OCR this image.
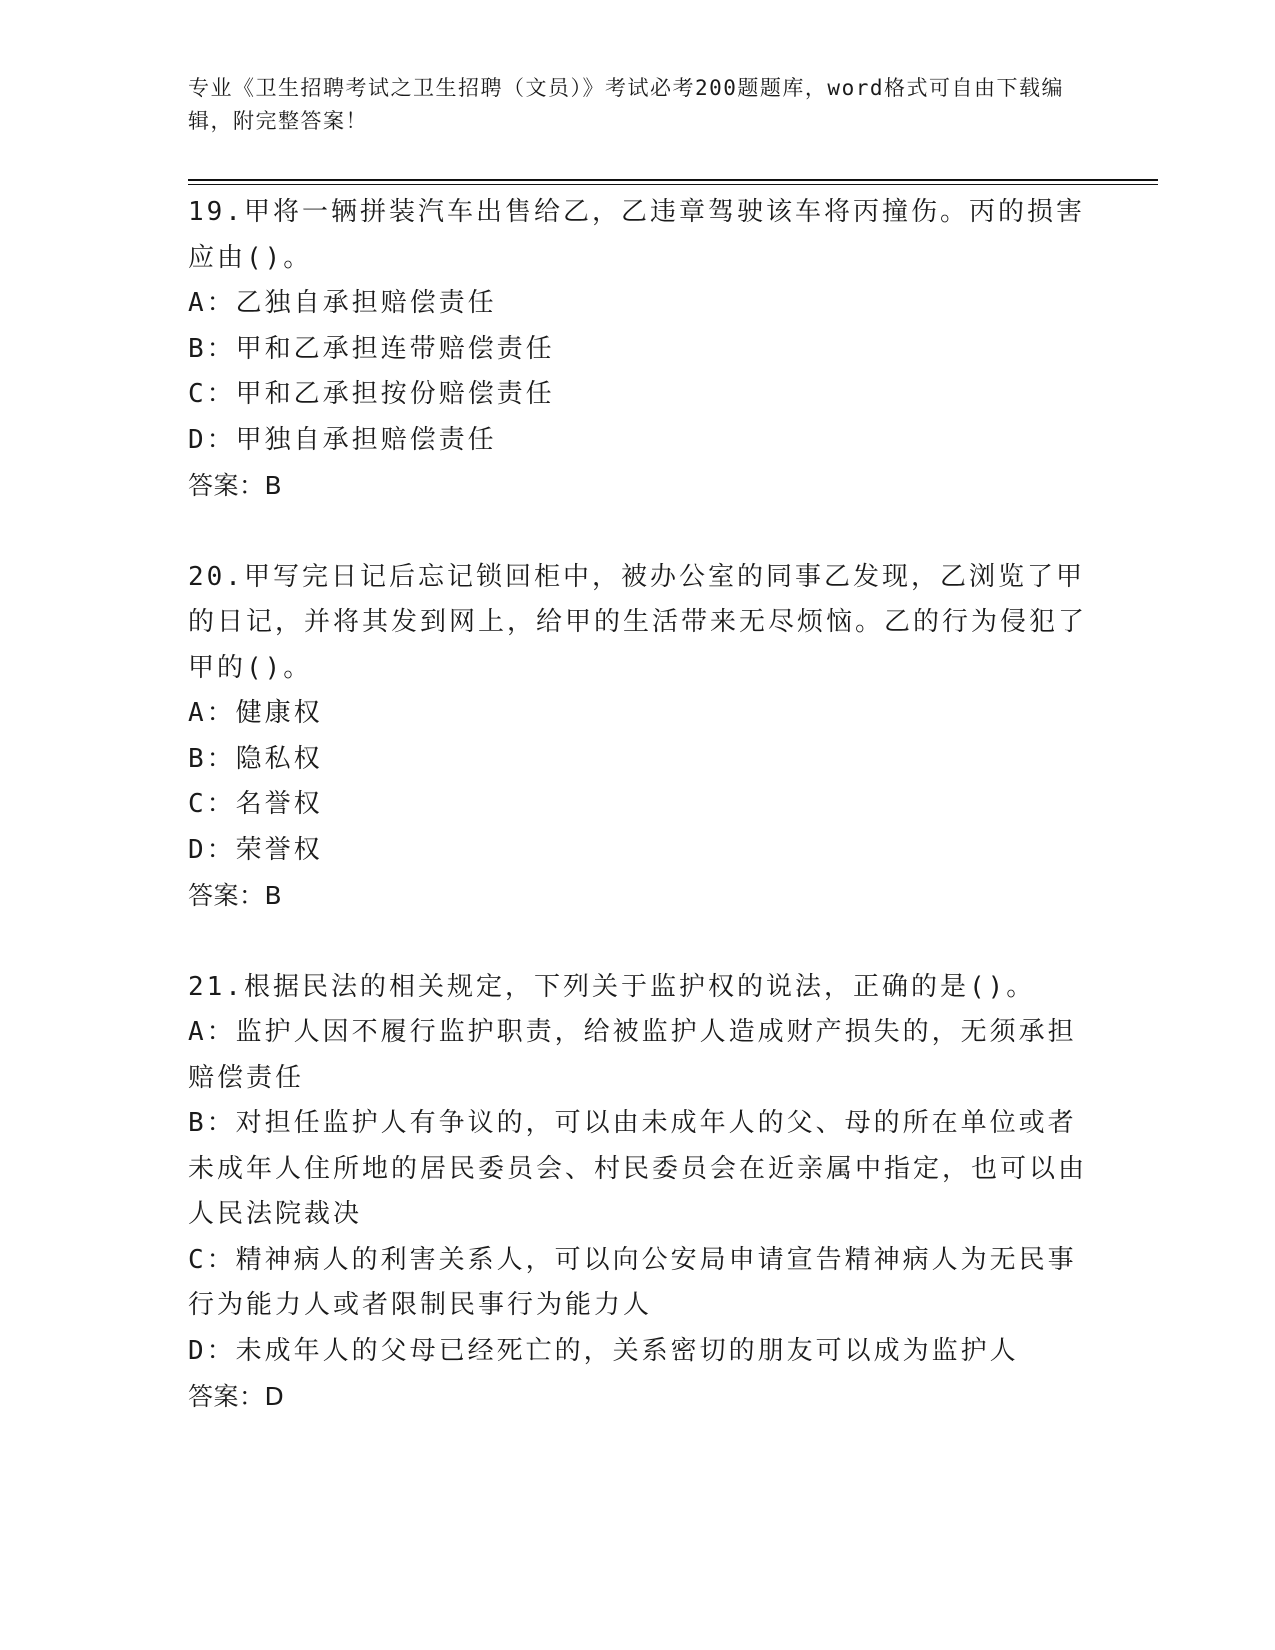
专业《卫生招聘考试之卫生招聘（文员）》考试必考200题题库，word格式可自由下载编辑，附完整答案！

19.甲将一辆拼装汽车出售给乙，乙违章驾驶该车将丙撞伤。丙的损害应由()。

A：乙独自承担赔偿责任

B：甲和乙承担连带赔偿责任

C：甲和乙承担按份赔偿责任

D：甲独自承担赔偿责任

答案：B

20.甲写完日记后忘记锁回柜中，被办公室的同事乙发现，乙浏览了甲的日记，并将其发到网上，给甲的生活带来无尽烦恼。乙的行为侵犯了甲的()。

A：健康权

B：隐私权

C：名誉权

D：荣誉权

答案：B

21.根据民法的相关规定，下列关于监护权的说法，正确的是()。

A：监护人因不履行监护职责，给被监护人造成财产损失的，无须承担赔偿责任

B：对担任监护人有争议的，可以由未成年人的父、母的所在单位或者未成年人住所地的居民委员会、村民委员会在近亲属中指定，也可以由人民法院裁决

C：精神病人的利害关系人，可以向公安局申请宣告精神病人为无民事行为能力人或者限制民事行为能力人

D：未成年人的父母已经死亡的，关系密切的朋友可以成为监护人

答案：D
